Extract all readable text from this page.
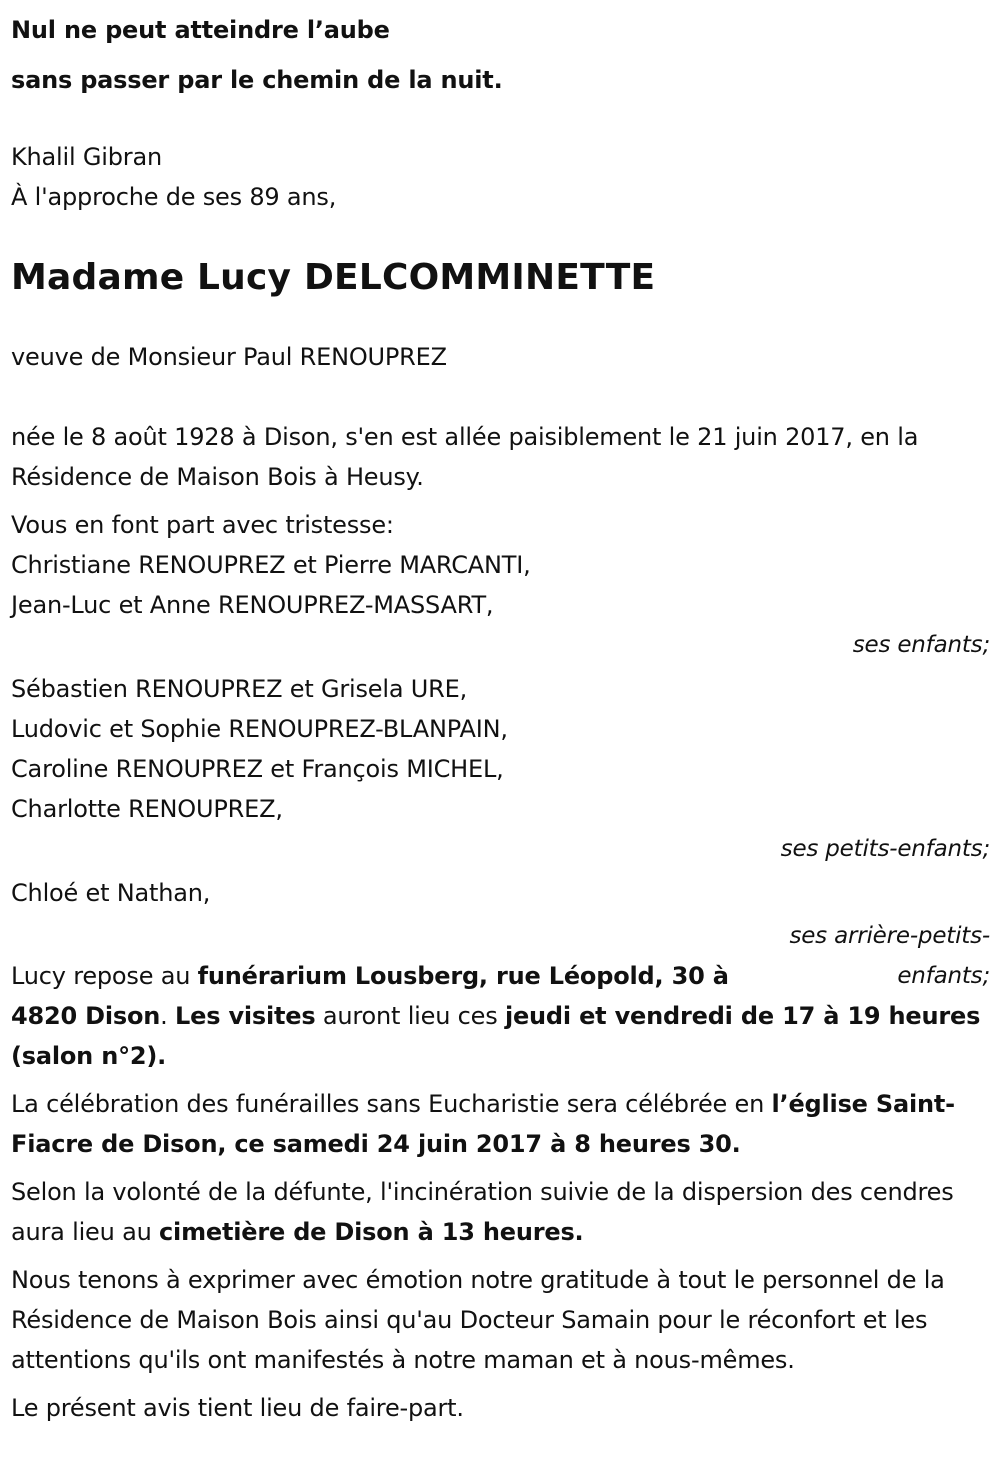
Nul ne peut atteindre l’aube

sans passer par le chemin de la nuit.

Khalil Gibran

À l'approche de ses 89 ans,

Madame Lucy DELCOMMINETTE

veuve de Monsieur Paul RENOUPREZ

née le 8 août 1928 à Dison, s'en est allée paisiblement le 21 juin 2017, en la Résidence de Maison Bois à Heusy.

Vous en font part avec tristesse:

Christiane RENOUPREZ et Pierre MARCANTI,

Jean-Luc et Anne RENOUPREZ-MASSART,

ses enfants;

Sébastien RENOUPREZ et Grisela URE,

Ludovic et Sophie RENOUPREZ-BLANPAIN,

Caroline RENOUPREZ et François MICHEL,

Charlotte RENOUPREZ,

ses petits-enfants;

Chloé et Nathan,

ses arrière-petits-enfants;

Lucy repose au funérarium Lousberg, rue Léopold, 30 à 4820 Dison. Les visites auront lieu ces jeudi et vendredi de 17 à 19 heures (salon n°2).

La célébration des funérailles sans Eucharistie sera célébrée en l’église Saint-Fiacre de Dison, ce samedi 24 juin 2017 à 8 heures 30.

Selon la volonté de la défunte, l'incinération suivie de la dispersion des cendres aura lieu au cimetière de Dison à 13 heures.

Nous tenons à exprimer avec émotion notre gratitude à tout le personnel de la Résidence de Maison Bois ainsi qu'au Docteur Samain pour le réconfort et les attentions qu'ils ont manifestés à notre maman et à nous-mêmes.

Le présent avis tient lieu de faire-part.
